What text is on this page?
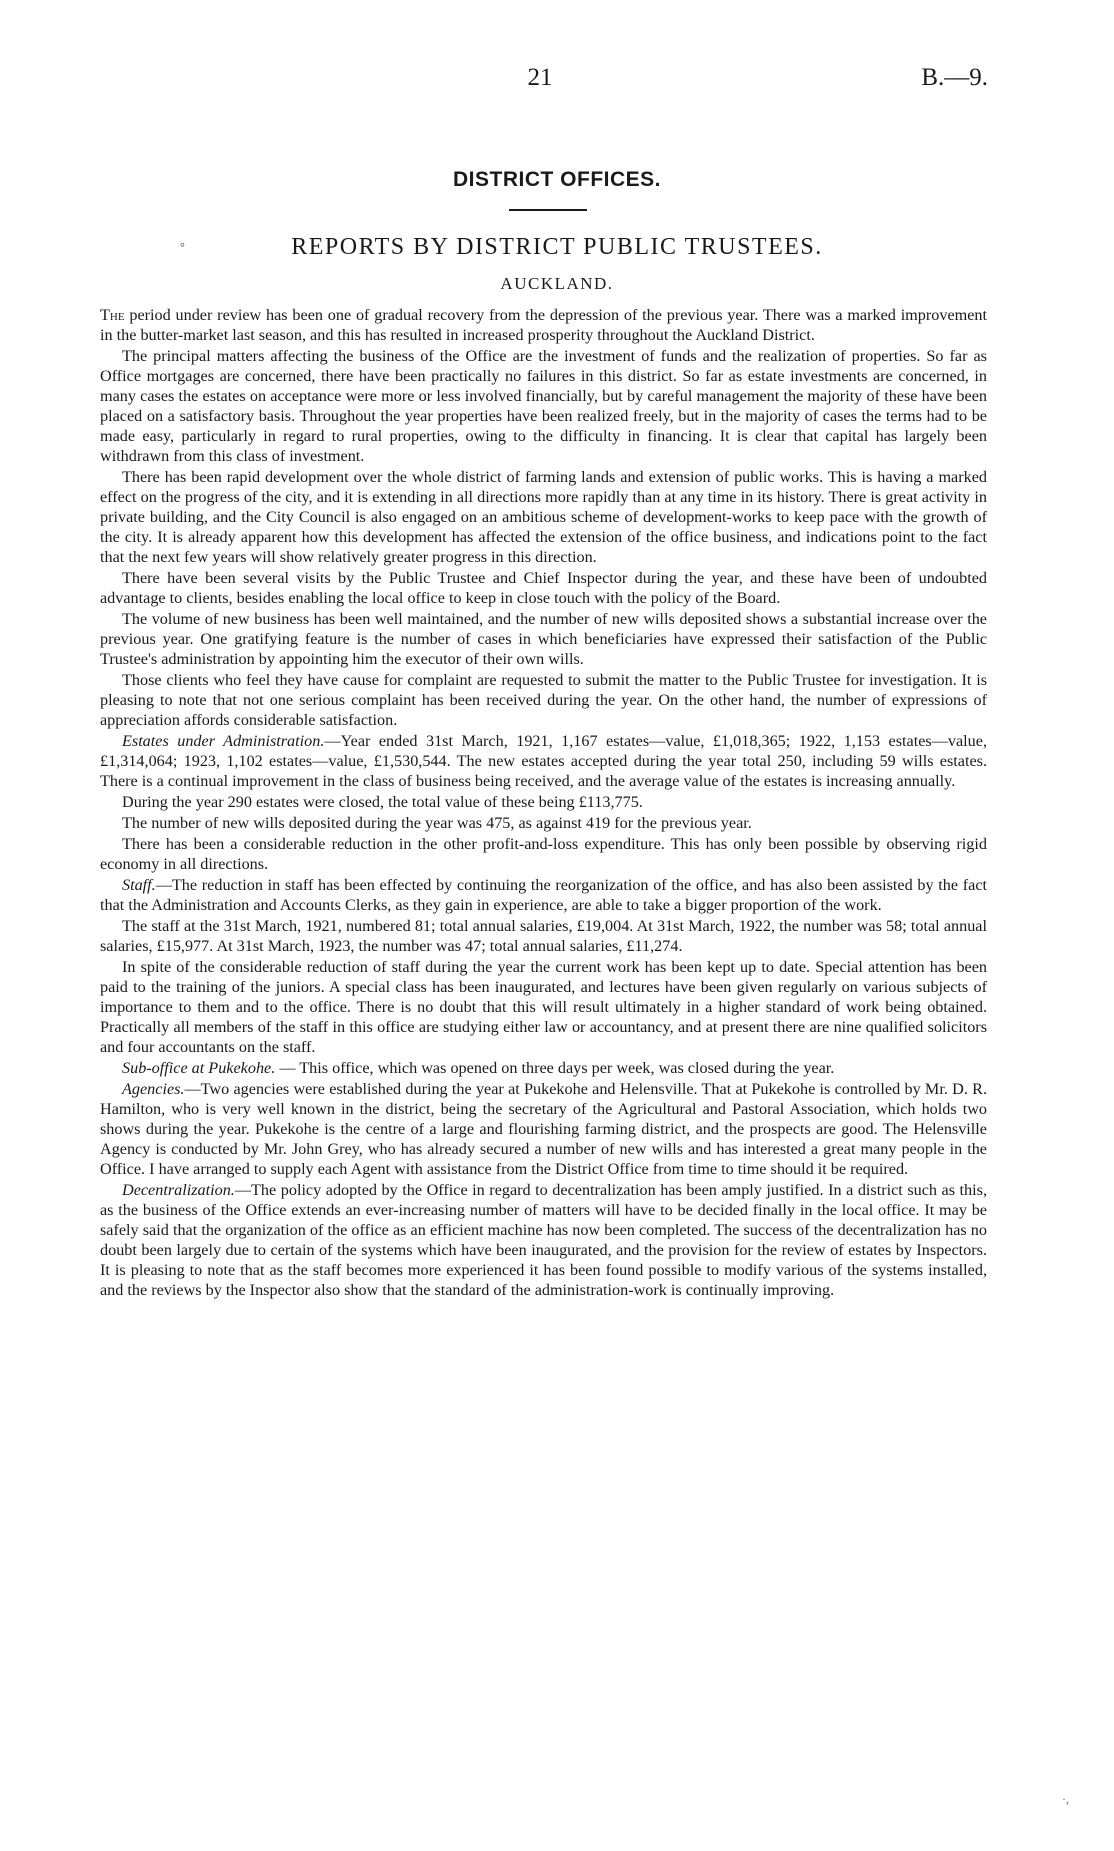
21	B.—9.
DISTRICT OFFICES.
°	REPORTS BY DISTRICT PUBLIC TRUSTEES.
AUCKLAND.

The period under review has been one of gradual recovery from the depression of the previous year. There was a marked improvement in the butter-market last season, and this has resulted in increased prosperity throughout the Auckland District.

The principal matters affecting the business of the Office are the investment of funds and the realization of properties. So far as Office mortgages are concerned, there have been practically no failures in this district. So far as estate investments are concerned, in many cases the estates on acceptance were more or less involved financially, but by careful management the majority of these have been placed on a satisfactory basis. Throughout the year properties have been realized freely, but in the majority of cases the terms had to be made easy, particularly in regard to rural properties, owing to the difficulty in financing. It is clear that capital has largely been withdrawn from this class of investment.

There has been rapid development over the whole district of farming lands and extension of public works. This is having a marked effect on the progress of the city, and it is extending in all directions more rapidly than at any time in its history. There is great activity in private building, and the City Council is also engaged on an ambitious scheme of development-works to keep pace with the growth of the city. It is already apparent how this development has affected the extension of the office business, and indications point to the fact that the next few years will show relatively greater progress in this direction.

There have been several visits by the Public Trustee and Chief Inspector during the year, and these have been of undoubted advantage to clients, besides enabling the local office to keep in close touch with the policy of the Board.

The volume of new business has been well maintained, and the number of new wills deposited shows a substantial increase over the previous year. One gratifying feature is the number of cases in which beneficiaries have expressed their satisfaction of the Public Trustee's administration by appointing him the executor of their own wills.

Those clients who feel they have cause for complaint are requested to submit the matter to the Public Trustee for investigation. It is pleasing to note that not one serious complaint has been received during the year. On the other hand, the number of expressions of appreciation affords considerable satisfaction.

Estates under Administration.—Year ended 31st March, 1921, 1,167 estates—value, £1,018,365; 1922, 1,153 estates—value, £1,314,064; 1923, 1,102 estates—value, £1,530,544. The new estates accepted during the year total 250, including 59 wills estates. There is a continual improvement in the class of business being received, and the average value of the estates is increasing annually.

During the year 290 estates were closed, the total value of these being £113,775.

The number of new wills deposited during the year was 475, as against 419 for the previous year.

There has been a considerable reduction in the other profit-and-loss expenditure. This has only been possible by observing rigid economy in all directions.

Staff.—The reduction in staff has been effected by continuing the reorganization of the office, and has also been assisted by the fact that the Administration and Accounts Clerks, as they gain in experience, are able to take a bigger proportion of the work.

The staff at the 31st March, 1921, numbered 81; total annual salaries, £19,004. At 31st March, 1922, the number was 58; total annual salaries, £15,977. At 31st March, 1923, the number was 47; total annual salaries, £11,274.

In spite of the considerable reduction of staff during the year the current work has been kept up to date. Special attention has been paid to the training of the juniors. A special class has been inaugurated, and lectures have been given regularly on various subjects of importance to them and to the office. There is no doubt that this will result ultimately in a higher standard of work being obtained. Practically all members of the staff in this office are studying either law or accountancy, and at present there are nine qualified solicitors and four accountants on the staff.

Sub-office at Pukekohe. — This office, which was opened on three days per week, was closed during the year.

Agencies.—Two agencies were established during the year at Pukekohe and Helensville. That at Pukekohe is controlled by Mr. D. R. Hamilton, who is very well known in the district, being the secretary of the Agricultural and Pastoral Association, which holds two shows during the year. Pukekohe is the centre of a large and flourishing farming district, and the prospects are good. The Helensville Agency is conducted by Mr. John Grey, who has already secured a number of new wills and has interested a great many people in the Office. I have arranged to supply each Agent with assistance from the District Office from time to time should it be required.

Decentralization.—The policy adopted by the Office in regard to decentralization has been amply justified. In a district such as this, as the business of the Office extends an ever-increasing number of matters will have to be decided finally in the local office. It may be safely said that the organization of the office as an efficient machine has now been completed. The success of the decentralization has no doubt been largely due to certain of the systems which have been inaugurated, and the provision for the review of estates by Inspectors. It is pleasing to note that as the staff becomes more experienced it has been found possible to modify various of the systems installed, and the reviews by the Inspector also show that the standard of the administration-work is continually improving.

·,
